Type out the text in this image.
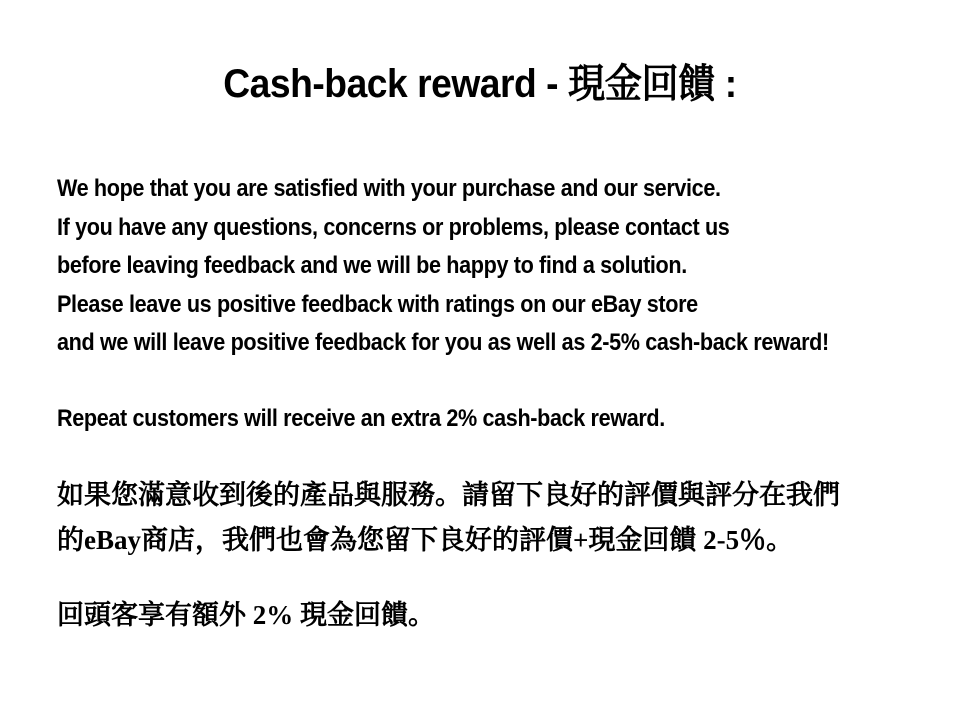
Cash-back reward - 現金回饋 :
We hope that you are satisfied with your purchase and our service.
If you have any questions, concerns or problems, please contact us
before leaving feedback and we will be happy to find a solution.
Please leave us positive feedback with ratings on our eBay store
and we will leave positive feedback for you as well as 2-5% cash-back reward!
Repeat customers will receive an extra 2% cash-back reward.
如果您滿意收到後的產品與服務。請留下良好的評價與評分在我們
的eBay商店，我們也會為您留下良好的評價+現金回饋 2-5％。
回頭客享有額外 2% 現金回饋。
